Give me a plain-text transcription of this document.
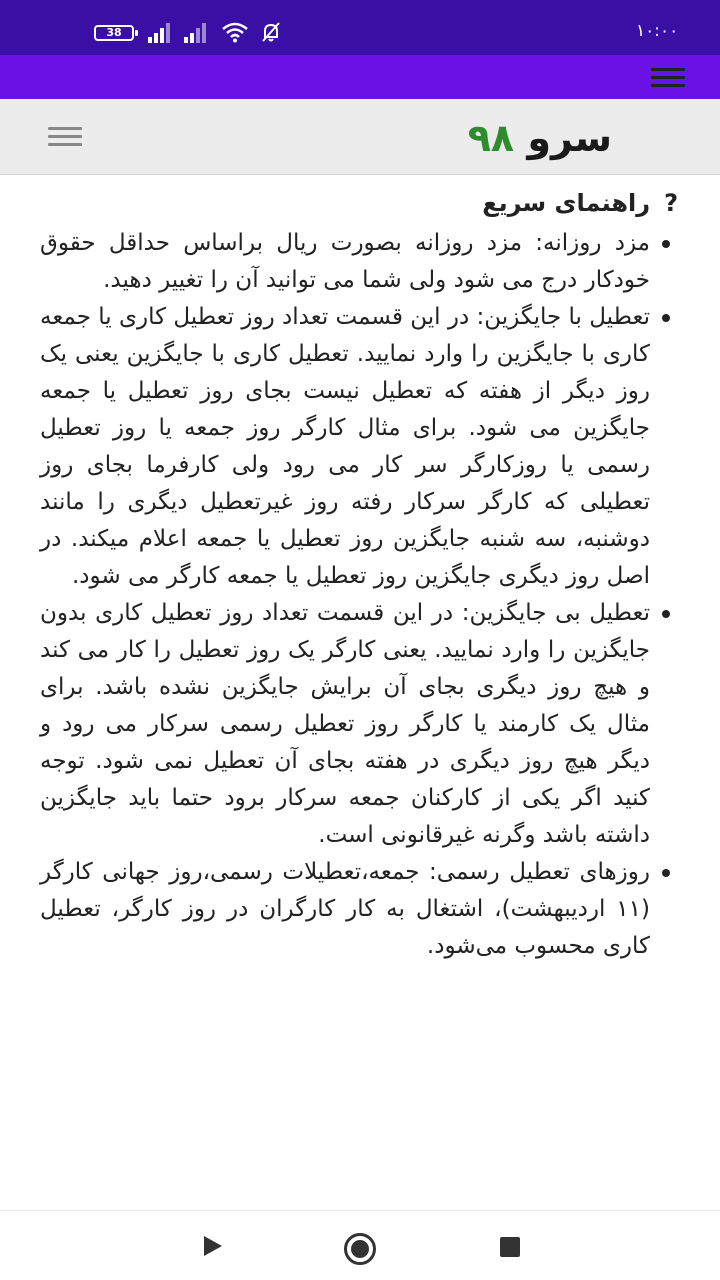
38	۱۰:۰۰
سرو ۹۸
?راهنمای سریع
مزد روزانه: مزد روزانه بصورت ریال براساس حداقل حقوق خودکار درج می شود ولی شما می توانید آن را تغییر دهید.
تعطیل با جایگزین: در این قسمت تعداد روز تعطیل کاری یا جمعه کاری با جایگزین را وارد نمایید. تعطیل کاری با جایگزین یعنی یک روز دیگر از هفته که تعطیل نیست بجای روز تعطیل یا جمعه جایگزین می شود. برای مثال کارگر روز جمعه یا روز تعطیل رسمی یا روزکارگر سر کار می رود ولی کارفرما بجای روز تعطیلی که کارگر سرکار رفته روز غیرتعطیل دیگری را مانند دوشنبه، سه شنبه جایگزین روز تعطیل یا جمعه اعلام میکند. در اصل روز دیگری جایگزین روز تعطیل یا جمعه کارگر می شود.
تعطیل بی جایگزین: در این قسمت تعداد روز تعطیل کاری بدون جایگزین را وارد نمایید. یعنی کارگر یک روز تعطیل را کار می کند و هیچ روز دیگری بجای آن برایش جایگزین نشده باشد. برای مثال یک کارمند یا کارگر روز تعطیل رسمی سرکار می رود و دیگر هیچ روز دیگری در هفته بجای آن تعطیل نمی شود. توجه کنید اگر یکی از کارکنان جمعه سرکار برود حتما باید جایگزین داشته باشد وگرنه غیرقانونی است.
روزهای تعطیل رسمی: جمعه،تعطیلات رسمی،روز جهانی کارگر (۱۱ اردیبهشت)، اشتغال به کار کارگران در روز کارگر، تعطیل کاری محسوب می‌شود.
